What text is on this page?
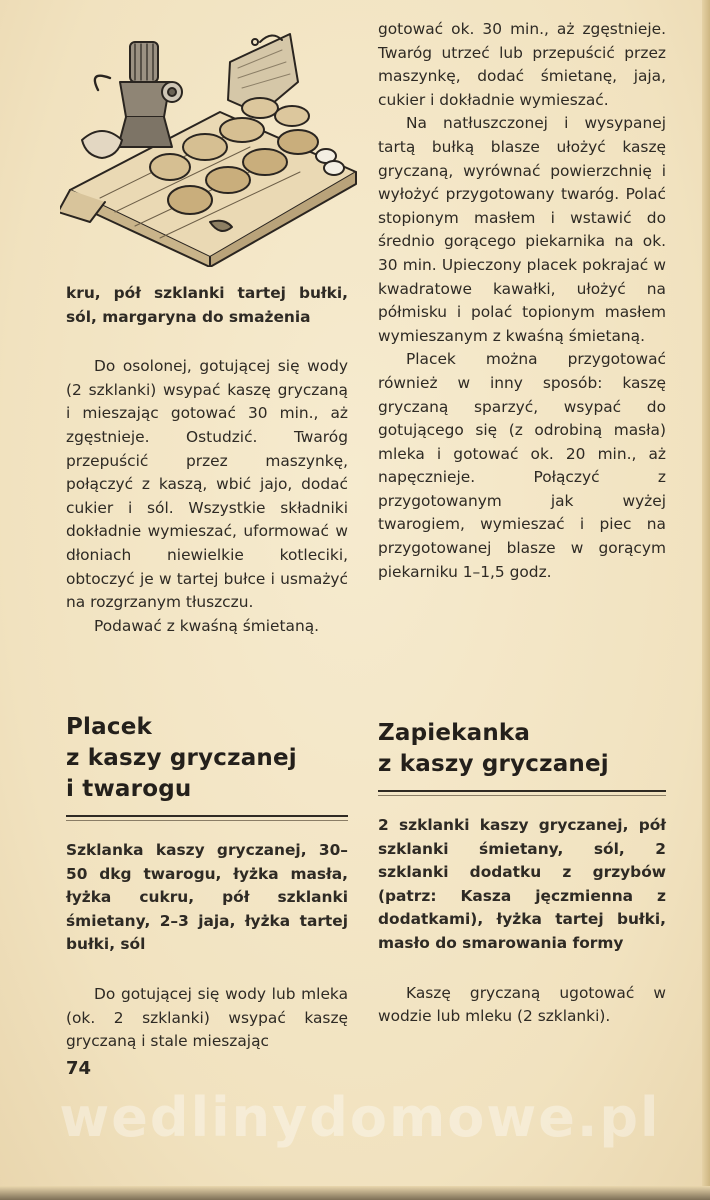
kru, pół szklanki tartej bułki, sól, margaryna do smażenia

Do osolonej, gotującej się wody (2 szklanki) wsypać kaszę gryczaną i mieszając gotować 30 min., aż zgęstnieje. Ostudzić. Twaróg przepuścić przez maszynkę, połączyć z kaszą, wbić jajo, dodać cukier i sól. Wszystkie składniki dokładnie wymieszać, uformować w dłoniach niewielkie kotleciki, obtoczyć je w tartej bułce i usmażyć na rozgrzanym tłuszczu.

Podawać z kwaśną śmietaną.

Placek
z kaszy gryczanej
i twarogu

Szklanka kaszy gryczanej, 30–50 dkg twarogu, łyżka masła, łyżka cukru, pół szklanki śmietany, 2–3 jaja, łyżka tartej bułki, sól

Do gotującej się wody lub mleka (ok. 2 szklanki) wsypać kaszę gryczaną i stale mieszając

gotować ok. 30 min., aż zgęstnieje. Twaróg utrzeć lub przepuścić przez maszynkę, dodać śmietanę, jaja, cukier i dokładnie wymieszać.

Na natłuszczonej i wysypanej tartą bułką blasze ułożyć kaszę gryczaną, wyrównać powierzchnię i wyłożyć przygotowany twaróg. Polać stopionym masłem i wstawić do średnio gorącego piekarnika na ok. 30 min. Upieczony placek pokrajać w kwadratowe kawałki, ułożyć na półmisku i polać topionym masłem wymieszanym z kwaśną śmietaną.

Placek można przygotować również w inny sposób: kaszę gryczaną sparzyć, wsypać do gotującego się (z odrobiną masła) mleka i gotować ok. 20 min., aż napęcznieje. Połączyć z przygotowanym jak wyżej twarogiem, wymieszać i piec na przygotowanej blasze w gorącym piekarniku 1–1,5 godz.

Zapiekanka
z kaszy gryczanej

2 szklanki kaszy gryczanej, pół szklanki śmietany, sól, 2 szklanki dodatku z grzybów (patrz: Kasza jęczmienna z dodatkami), łyżka tartej bułki, masło do smarowania formy

Kaszę gryczaną ugotować w wodzie lub mleku (2 szklanki).

74
wedlinydomowe.pl
